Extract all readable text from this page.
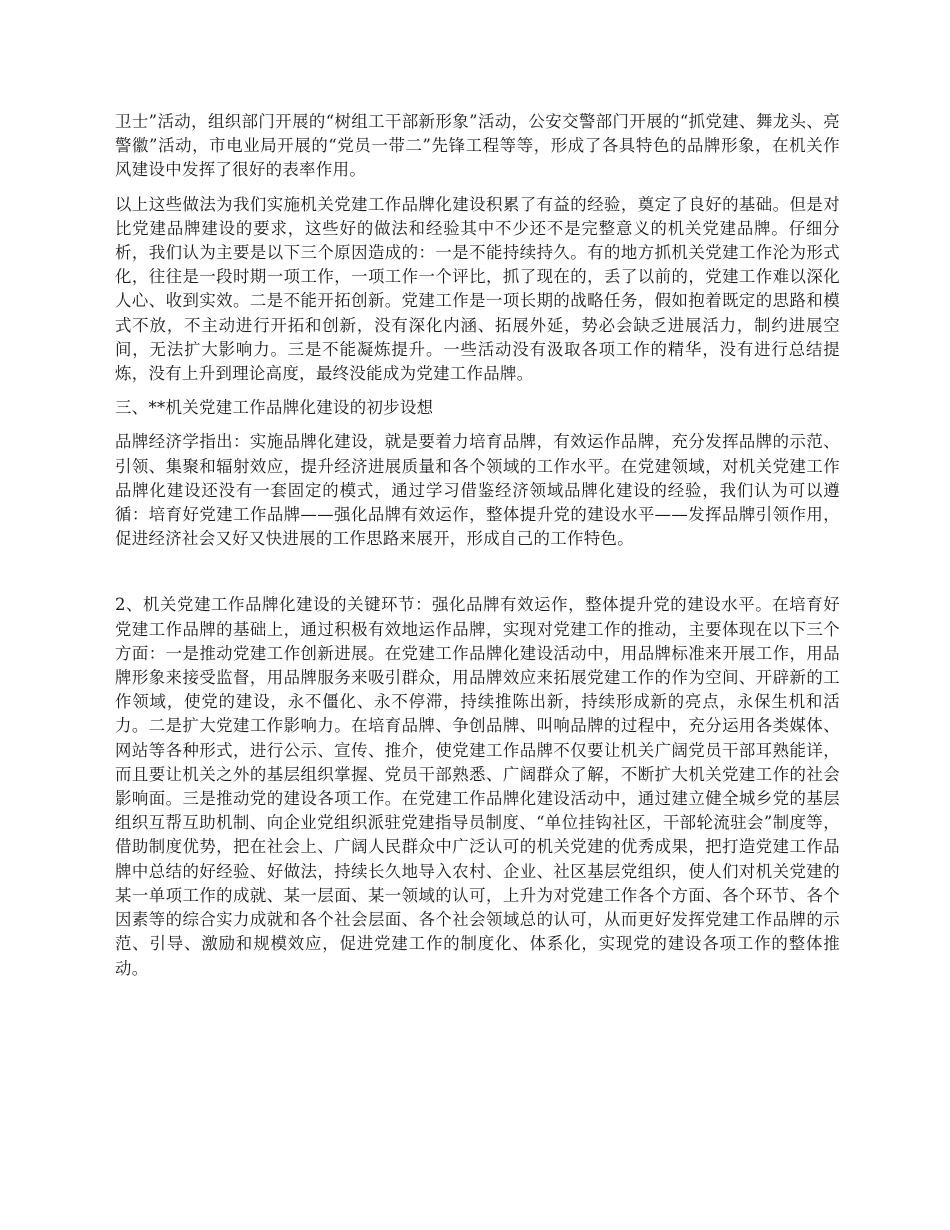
卫士”活动，组织部门开展的“树组工干部新形象”活动，公安交警部门开展的“抓党建、舞龙头、亮警徽”活动，市电业局开展的“党员一带二”先锋工程等等，形成了各具特色的品牌形象，在机关作风建设中发挥了很好的表率作用。

以上这些做法为我们实施机关党建工作品牌化建设积累了有益的经验，奠定了良好的基础。但是对比党建品牌建设的要求，这些好的做法和经验其中不少还不是完整意义的机关党建品牌。仔细分析，我们认为主要是以下三个原因造成的：一是不能持续持久。有的地方抓机关党建工作沦为形式化，往往是一段时期一项工作，一项工作一个评比，抓了现在的，丢了以前的，党建工作难以深化人心、收到实效。二是不能开拓创新。党建工作是一项长期的战略任务，假如抱着既定的思路和模式不放，不主动进行开拓和创新，没有深化内涵、拓展外延，势必会缺乏进展活力，制约进展空间，无法扩大影响力。三是不能凝炼提升。一些活动没有汲取各项工作的精华，没有进行总结提炼，没有上升到理论高度，最终没能成为党建工作品牌。

三、**机关党建工作品牌化建设的初步设想

品牌经济学指出：实施品牌化建设，就是要着力培育品牌，有效运作品牌，充分发挥品牌的示范、引领、集聚和辐射效应，提升经济进展质量和各个领域的工作水平。在党建领域，对机关党建工作品牌化建设还没有一套固定的模式，通过学习借鉴经济领域品牌化建设的经验，我们认为可以遵循：培育好党建工作品牌——强化品牌有效运作，整体提升党的建设水平——发挥品牌引领作用，促进经济社会又好又快进展的工作思路来展开，形成自己的工作特色。

2、机关党建工作品牌化建设的关键环节：强化品牌有效运作，整体提升党的建设水平。在培育好党建工作品牌的基础上，通过积极有效地运作品牌，实现对党建工作的推动，主要体现在以下三个方面：一是推动党建工作创新进展。在党建工作品牌化建设活动中，用品牌标准来开展工作，用品牌形象来接受监督，用品牌服务来吸引群众，用品牌效应来拓展党建工作的作为空间、开辟新的工作领域，使党的建设，永不僵化、永不停滞，持续推陈出新，持续形成新的亮点，永保生机和活力。二是扩大党建工作影响力。在培育品牌、争创品牌、叫响品牌的过程中，充分运用各类媒体、网站等各种形式，进行公示、宣传、推介，使党建工作品牌不仅要让机关广阔党员干部耳熟能详，而且要让机关之外的基层组织掌握、党员干部熟悉、广阔群众了解，不断扩大机关党建工作的社会影响面。三是推动党的建设各项工作。在党建工作品牌化建设活动中，通过建立健全城乡党的基层组织互帮互助机制、向企业党组织派驻党建指导员制度、“单位挂钩社区，干部轮流驻会”制度等，借助制度优势，把在社会上、广阔人民群众中广泛认可的机关党建的优秀成果，把打造党建工作品牌中总结的好经验、好做法，持续长久地导入农村、企业、社区基层党组织，使人们对机关党建的某一单项工作的成就、某一层面、某一领域的认可，上升为对党建工作各个方面、各个环节、各个因素等的综合实力成就和各个社会层面、各个社会领域总的认可，从而更好发挥党建工作品牌的示范、引导、激励和规模效应，促进党建工作的制度化、体系化，实现党的建设各项工作的整体推动。
